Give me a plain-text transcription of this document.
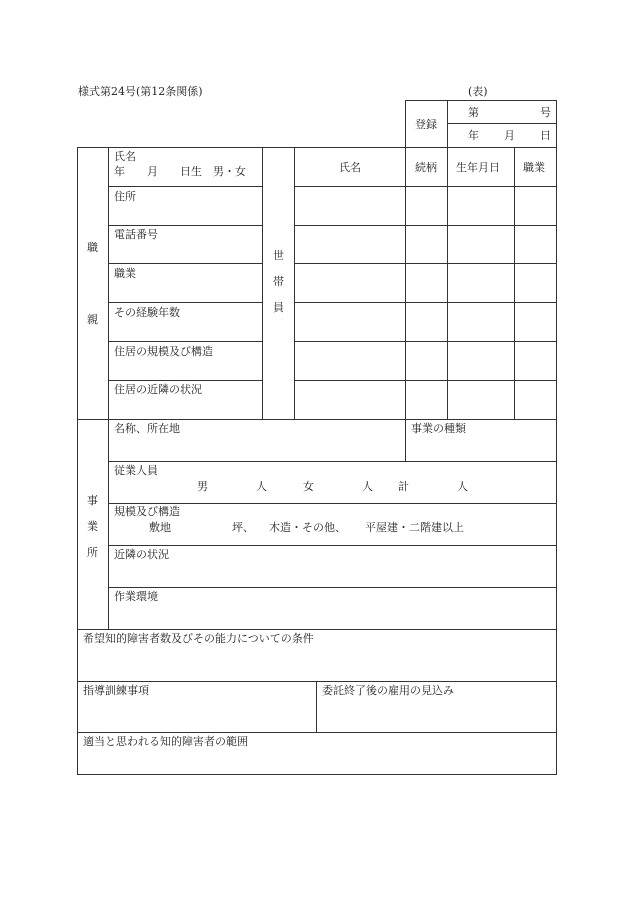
様式第24号(第12条関係)	(表)
登録
第	号
年 月 日
職
親
氏名
年　　月　　日生　男・女
住所
電話番号
職業
その経験年数
住居の規模及び構造
住居の近隣の状況
世
帯
員
氏名	続柄 生年月日 職業
事
業
所
名称、所在地	事業の種類
従業人員
男	人	女	人 計	人
規模及び構造
敷地	坪、 木造・その他、 平屋建・二階建以上
近隣の状況
作業環境
希望知的障害者数及びその能力についての条件
指導訓練事項	委託終了後の雇用の見込み
適当と思われる知的障害者の範囲
